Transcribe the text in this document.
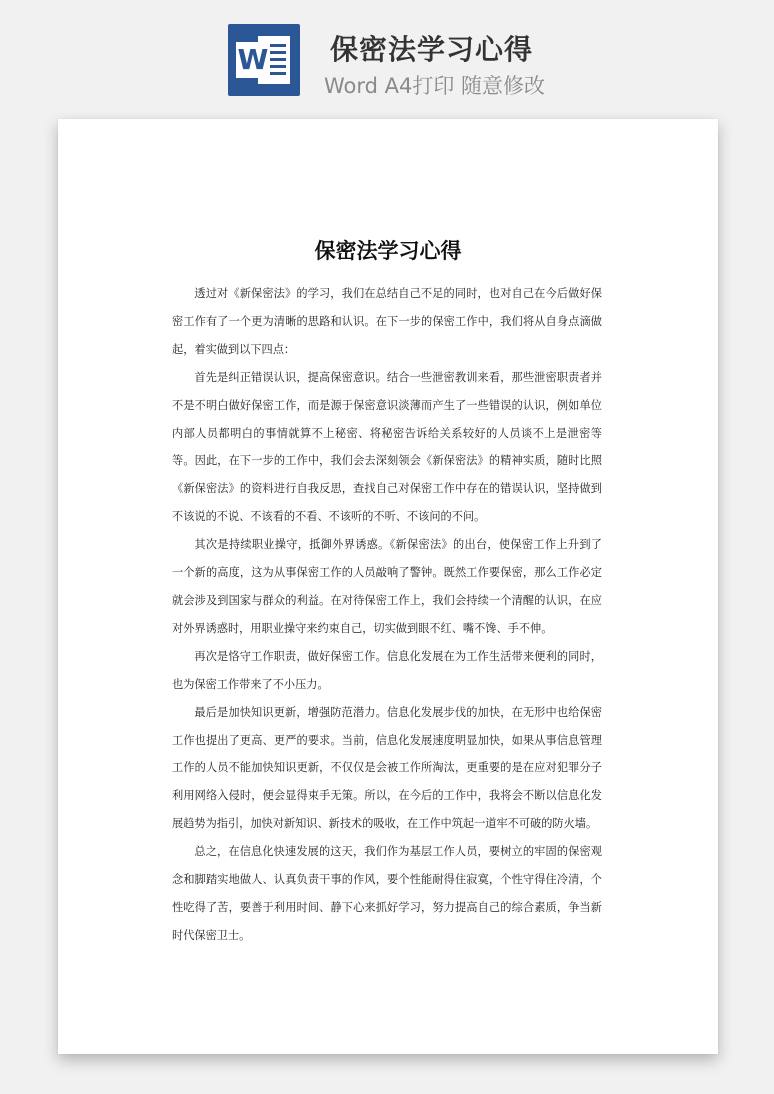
W 保密法学习心得
Word A4打印 随意修改
保密法学习心得

透过对《新保密法》的学习，我们在总结自己不足的同时，也对自己在今后做好保密工作有了一个更为清晰的思路和认识。在下一步的保密工作中，我们将从自身点滴做起，着实做到以下四点：

首先是纠正错误认识，提高保密意识。结合一些泄密教训来看，那些泄密职责者并不是不明白做好保密工作，而是源于保密意识淡薄而产生了一些错误的认识，例如单位内部人员都明白的事情就算不上秘密、将秘密告诉给关系较好的人员谈不上是泄密等等。因此，在下一步的工作中，我们会去深刻领会《新保密法》的精神实质，随时比照《新保密法》的资料进行自我反思，查找自己对保密工作中存在的错误认识，坚持做到不该说的不说、不该看的不看、不该听的不听、不该问的不问。

其次是持续职业操守，抵御外界诱惑。《新保密法》的出台，使保密工作上升到了一个新的高度，这为从事保密工作的人员敲响了警钟。既然工作要保密，那么工作必定就会涉及到国家与群众的利益。在对待保密工作上，我们会持续一个清醒的认识，在应对外界诱惑时，用职业操守来约束自己，切实做到眼不红、嘴不馋、手不伸。

再次是恪守工作职责，做好保密工作。信息化发展在为工作生活带来便利的同时，也为保密工作带来了不小压力。

最后是加快知识更新，增强防范潜力。信息化发展步伐的加快，在无形中也给保密工作也提出了更高、更严的要求。当前，信息化发展速度明显加快，如果从事信息管理工作的人员不能加快知识更新，不仅仅是会被工作所淘汰，更重要的是在应对犯罪分子利用网络入侵时，便会显得束手无策。所以，在今后的工作中，我将会不断以信息化发展趋势为指引，加快对新知识、新技术的吸收，在工作中筑起一道牢不可破的防火墙。

总之，在信息化快速发展的这天，我们作为基层工作人员，要树立的牢固的保密观念和脚踏实地做人、认真负责干事的作风，要个性能耐得住寂寞，个性守得住冷清，个性吃得了苦，要善于利用时间、静下心来抓好学习，努力提高自己的综合素质，争当新时代保密卫士。
